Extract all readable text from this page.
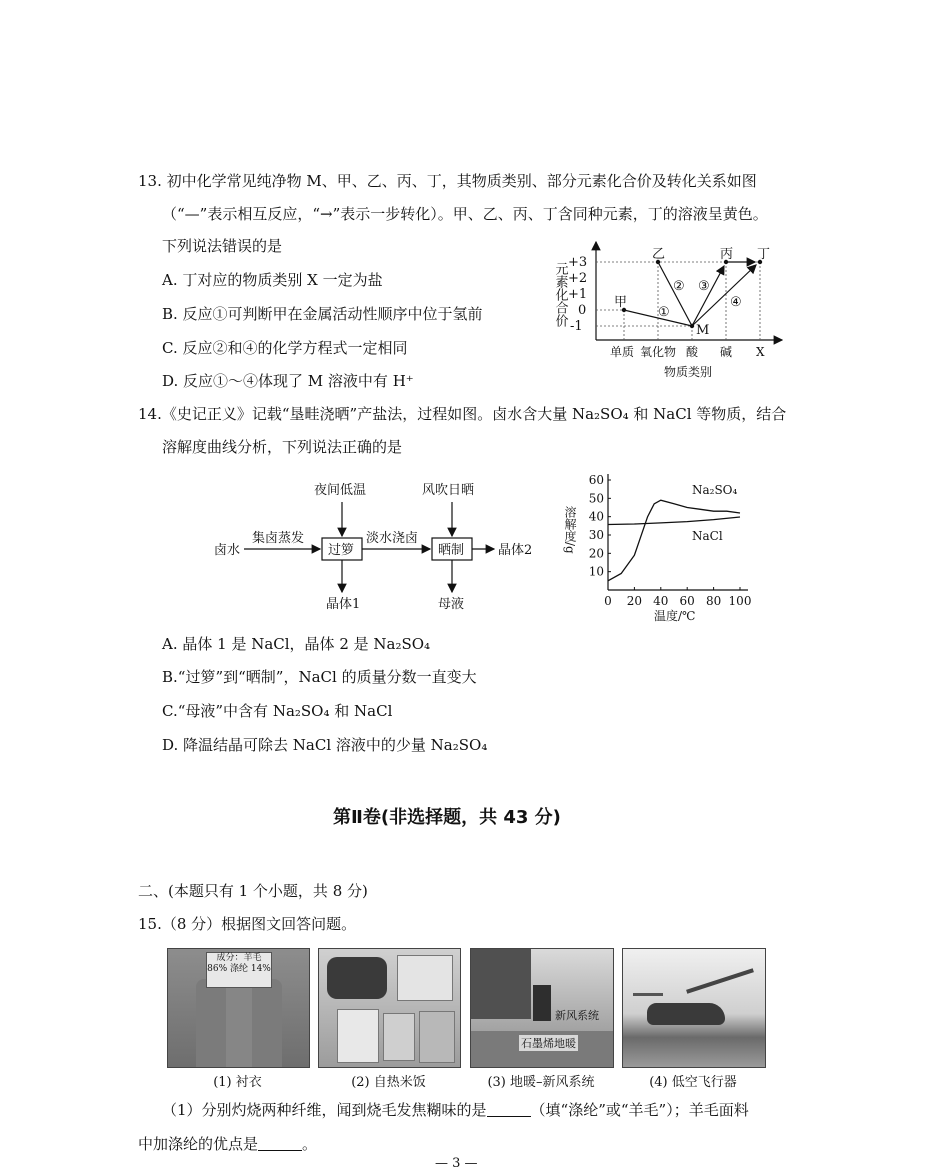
13. 初中化学常见纯净物 M、甲、乙、丙、丁，其物质类别、部分元素化合价及转化关系如图
（“—”表示相互反应，“→”表示一步转化）。甲、乙、丙、丁含同种元素，丁的溶液呈黄色。
下列说法错误的是
A. 丁对应的物质类别 X 一定为盐
B. 反应①可判断甲在金属活动性顺序中位于氢前
C. 反应②和④的化学方程式一定相同
D. 反应①～④体现了 M 溶液中有 H⁺
元素化合价 +3
+2
+1
0
-1
甲
乙	丙 丁
M
①
② ③
④
单质 氧化物 酸 碱 X
物质类别
14.《史记正义》记载“垦畦浇晒”产盐法，过程如图。卤水含大量 Na₂SO₄ 和 NaCl 等物质，结合
溶解度曲线分析，下列说法正确的是
卤水
集卤蒸发
过箩
夜间低温
晶体1
淡水浇卤
晒制
风吹日晒
母液
晶体2	溶解度/g
温度/℃
10
20
30
40
50
60
0 20 40 60 80 100
Na₂SO₄
NaCl
A. 晶体 1 是 NaCl，晶体 2 是 Na₂SO₄
B.“过箩”到“晒制”，NaCl 的质量分数一直变大
C.“母液”中含有 Na₂SO₄ 和 NaCl
D. 降温结晶可除去 NaCl 溶液中的少量 Na₂SO₄
第Ⅱ卷(非选择题，共 43 分)
二、(本题只有 1 个小题，共 8 分)
15.（8 分）根据图文回答问题。
成分：羊毛 86% 涤纶 14%
新风系统
石墨烯地暖
(1) 衬衣	(2) 自热米饭	(3) 地暖–新风系统	(4) 低空飞行器
（1）分别灼烧两种纤维，闻到烧毛发焦糊味的是	（填“涤纶”或“羊毛”）；羊毛面料
中加涤纶的优点是	。
— 3 —
